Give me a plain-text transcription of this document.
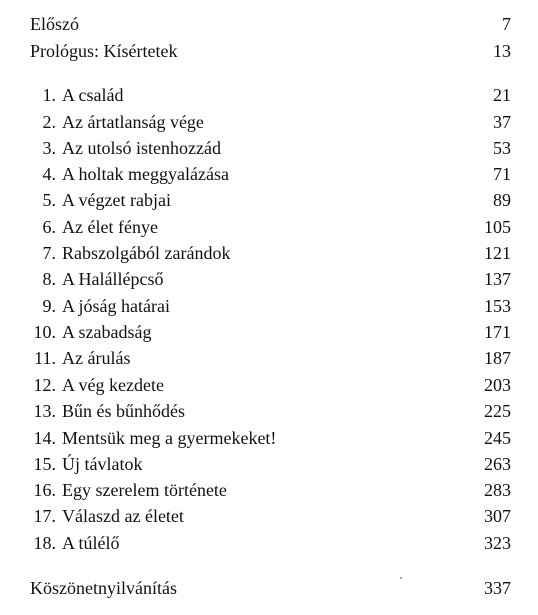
Előszó	7
Prológus: Kísértetek	13
1. A család	21
2. Az ártatlanság vége	37
3. Az utolsó istenhozzád	53
4. A holtak meggyalázása	71
5. A végzet rabjai	89
6. Az élet fénye	105
7. Rabszolgából zarándok	121
8. A Halállépcső	137
9. A jóság határai	153
10. A szabadság	171
11. Az árulás	187
12. A vég kezdete	203
13. Bűn és bűnhődés	225
14. Mentsük meg a gyermekeket!	245
15. Új távlatok	263
16. Egy szerelem története	283
17. Válaszd az életet	307
18. A túlélő	323
Köszönetnyilvánítás	337
